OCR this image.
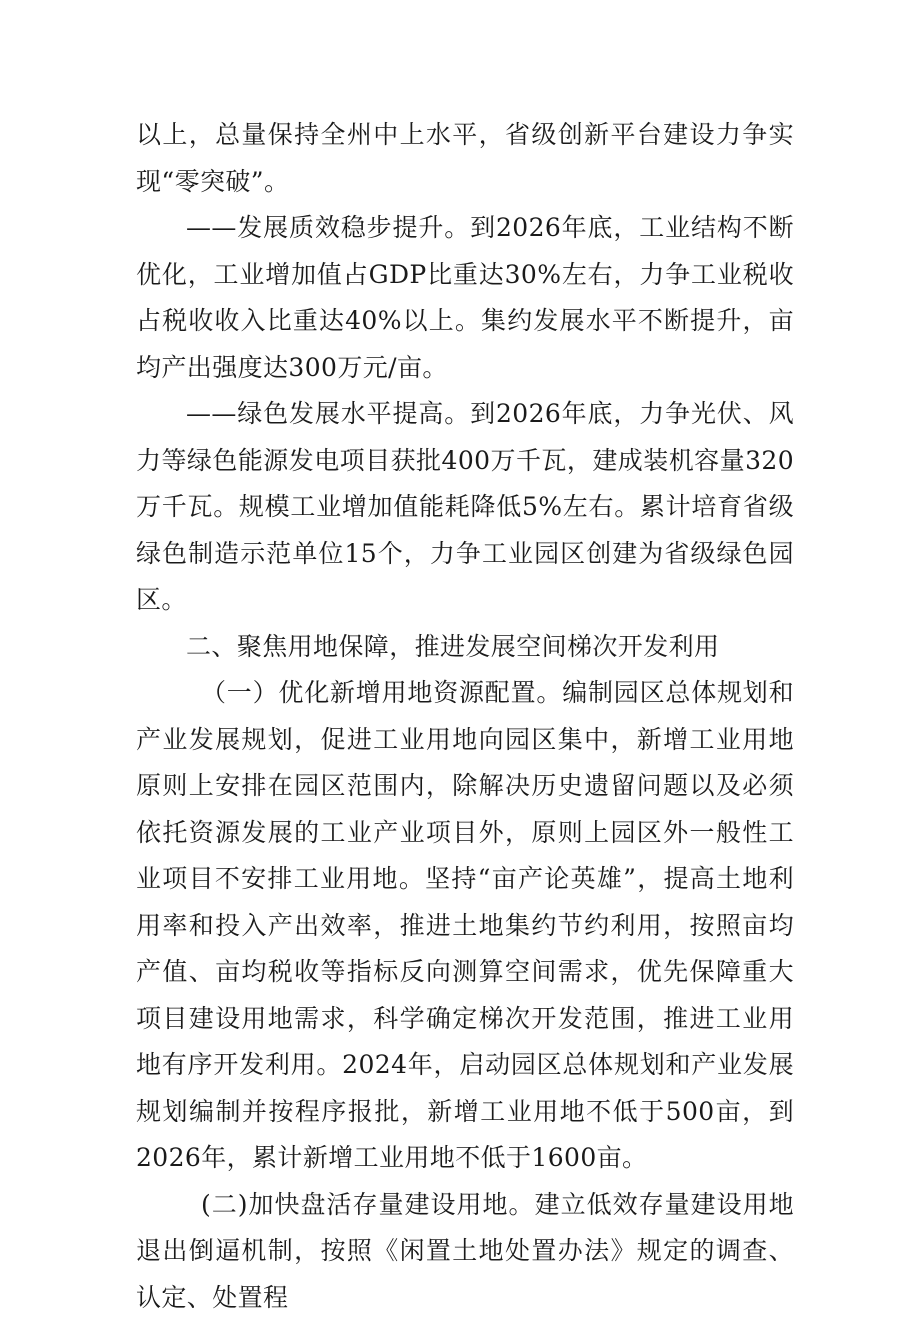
以上，总量保持全州中上水平，省级创新平台建设力争实现“零突破”。

——发展质效稳步提升。到2026年底，工业结构不断优化，工业增加值占GDP比重达30%左右，力争工业税收占税收收入比重达40%以上。集约发展水平不断提升，亩均产出强度达300万元/亩。

——绿色发展水平提高。到2026年底，力争光伏、风力等绿色能源发电项目获批400万千瓦，建成装机容量320万千瓦。规模工业增加值能耗降低5%左右。累计培育省级绿色制造示范单位15个，力争工业园区创建为省级绿色园区。

二、聚焦用地保障，推进发展空间梯次开发利用

（一）优化新增用地资源配置。编制园区总体规划和产业发展规划，促进工业用地向园区集中，新增工业用地原则上安排在园区范围内，除解决历史遗留问题以及必须依托资源发展的工业产业项目外，原则上园区外一般性工业项目不安排工业用地。坚持“亩产论英雄”，提高土地利用率和投入产出效率，推进土地集约节约利用，按照亩均产值、亩均税收等指标反向测算空间需求，优先保障重大项目建设用地需求，科学确定梯次开发范围，推进工业用地有序开发利用。2024年，启动园区总体规划和产业发展规划编制并按程序报批，新增工业用地不低于500亩，到2026年，累计新增工业用地不低于1600亩。

(二)加快盘活存量建设用地。建立低效存量建设用地退出倒逼机制，按照《闲置土地处置办法》规定的调查、认定、处置程
